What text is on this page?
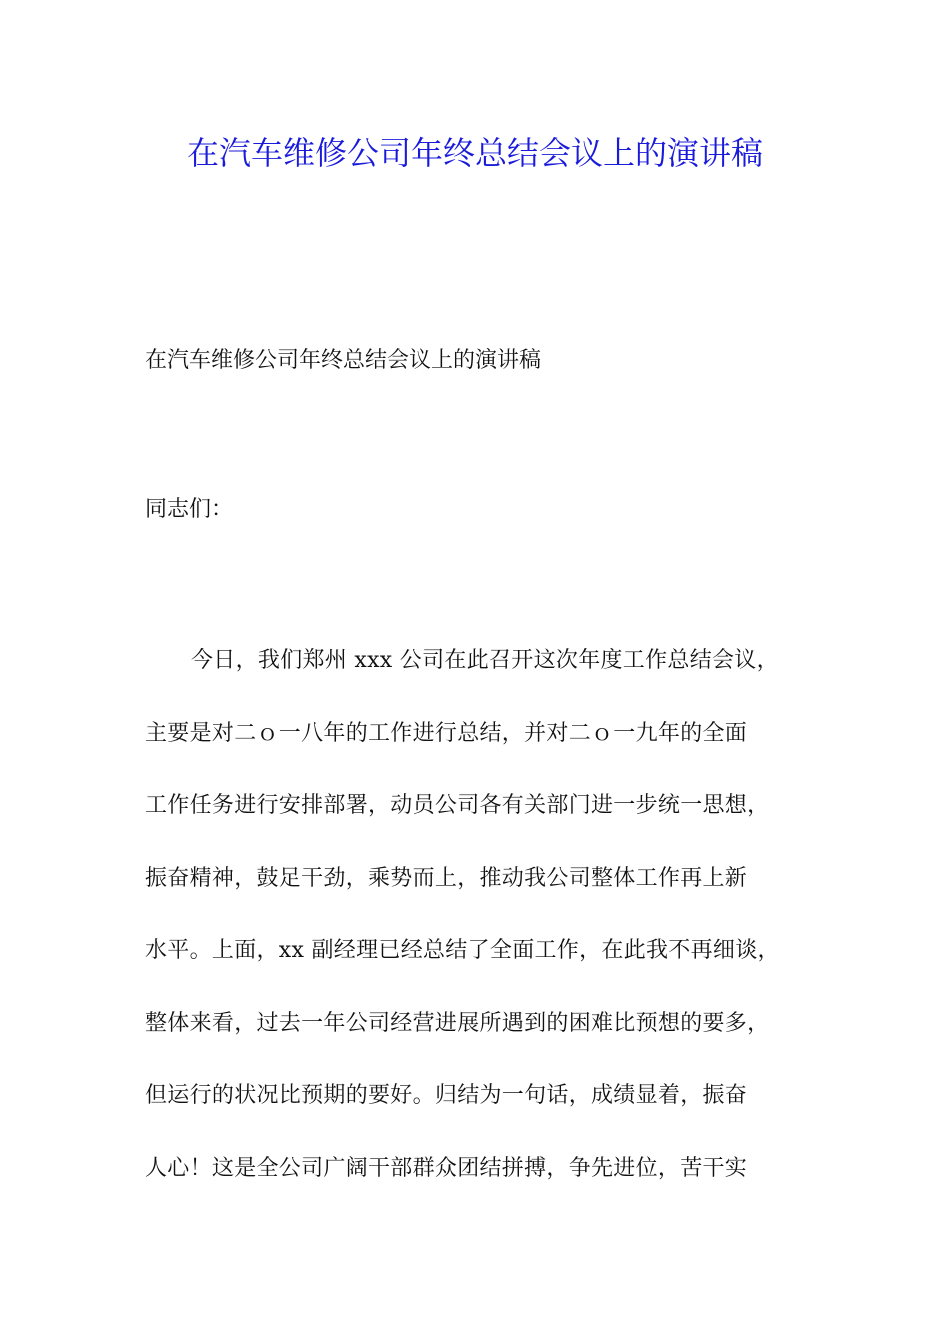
在汽车维修公司年终总结会议上的演讲稿

在汽车维修公司年终总结会议上的演讲稿

同志们：

今日，我们郑州 xxx 公司在此召开这次年度工作总结会议，
主要是对二ｏ一八年的工作进行总结，并对二ｏ一九年的全面
工作任务进行安排部署，动员公司各有关部门进一步统一思想，
振奋精神，鼓足干劲，乘势而上，推动我公司整体工作再上新
水平。上面，xx 副经理已经总结了全面工作，在此我不再细谈，
整体来看，过去一年公司经营进展所遇到的困难比预想的要多，
但运行的状况比预期的要好。归结为一句话，成绩显着，振奋
人心！这是全公司广阔干部群众团结拼搏，争先进位，苦干实
